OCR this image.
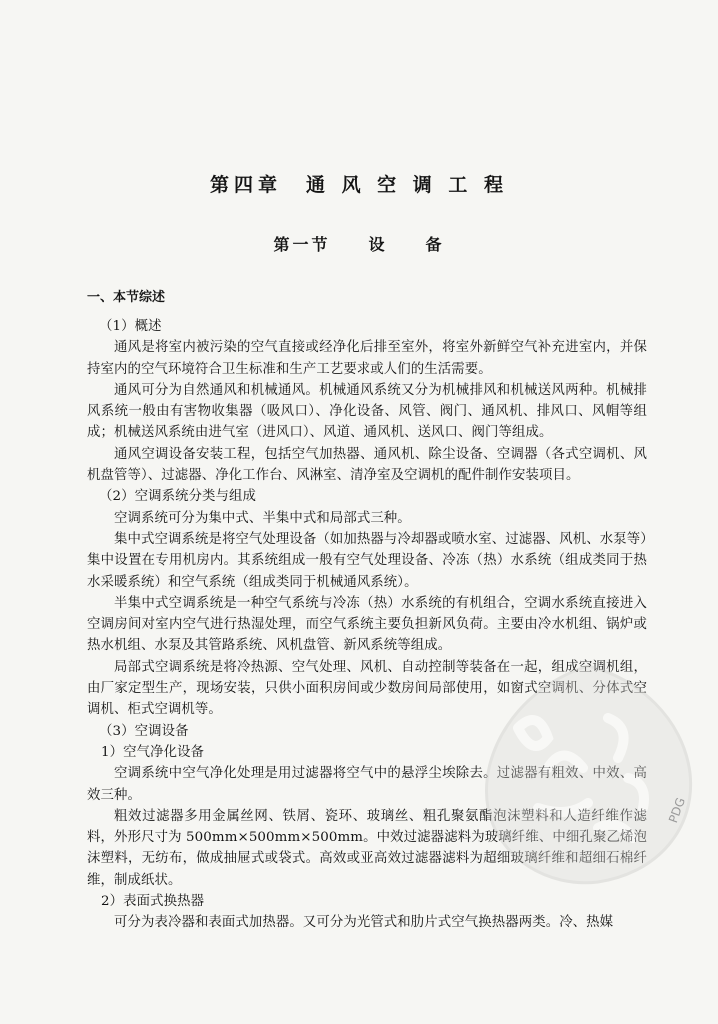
第四章　通 风 空 调 工 程
第一节 设 备
一、本节综述

（1）概述

通风是将室内被污染的空气直接或经净化后排至室外，将室外新鲜空气补充进室内，并保持室内的空气环境符合卫生标准和生产工艺要求或人们的生活需要。

通风可分为自然通风和机械通风。机械通风系统又分为机械排风和机械送风两种。机械排风系统一般由有害物收集器（吸风口）、净化设备、风管、阀门、通风机、排风口、风帽等组成；机械送风系统由进气室（进风口）、风道、通风机、送风口、阀门等组成。

通风空调设备安装工程，包括空气加热器、通风机、除尘设备、空调器（各式空调机、风机盘管等）、过滤器、净化工作台、风淋室、清净室及空调机的配件制作安装项目。

（2）空调系统分类与组成

空调系统可分为集中式、半集中式和局部式三种。

集中式空调系统是将空气处理设备（如加热器与冷却器或喷水室、过滤器、风机、水泵等）集中设置在专用机房内。其系统组成一般有空气处理设备、冷冻（热）水系统（组成类同于热水采暖系统）和空气系统（组成类同于机械通风系统）。

半集中式空调系统是一种空气系统与冷冻（热）水系统的有机组合，空调水系统直接进入空调房间对室内空气进行热湿处理，而空气系统主要负担新风负荷。主要由冷水机组、锅炉或热水机组、水泵及其管路系统、风机盘管、新风系统等组成。

局部式空调系统是将冷热源、空气处理、风机、自动控制等装备在一起，组成空调机组，由厂家定型生产，现场安装，只供小面积房间或少数房间局部使用，如窗式空调机、分体式空调机、柜式空调机等。

（3）空调设备

1）空气净化设备

空调系统中空气净化处理是用过滤器将空气中的悬浮尘埃除去。过滤器有粗效、中效、高效三种。

粗效过滤器多用金属丝网、铁屑、瓷环、玻璃丝、粗孔聚氨酯泡沫塑料和人造纤维作滤料，外形尺寸为 500mm×500mm×500mm。中效过滤器滤料为玻璃纤维、中细孔聚乙烯泡沫塑料，无纺布，做成抽屉式或袋式。高效或亚高效过滤器滤料为超细玻璃纤维和超细石棉纤维，制成纸状。

2）表面式换热器

可分为表冷器和表面式加热器。又可分为光管式和肋片式空气换热器两类。冷、热媒

PDG
